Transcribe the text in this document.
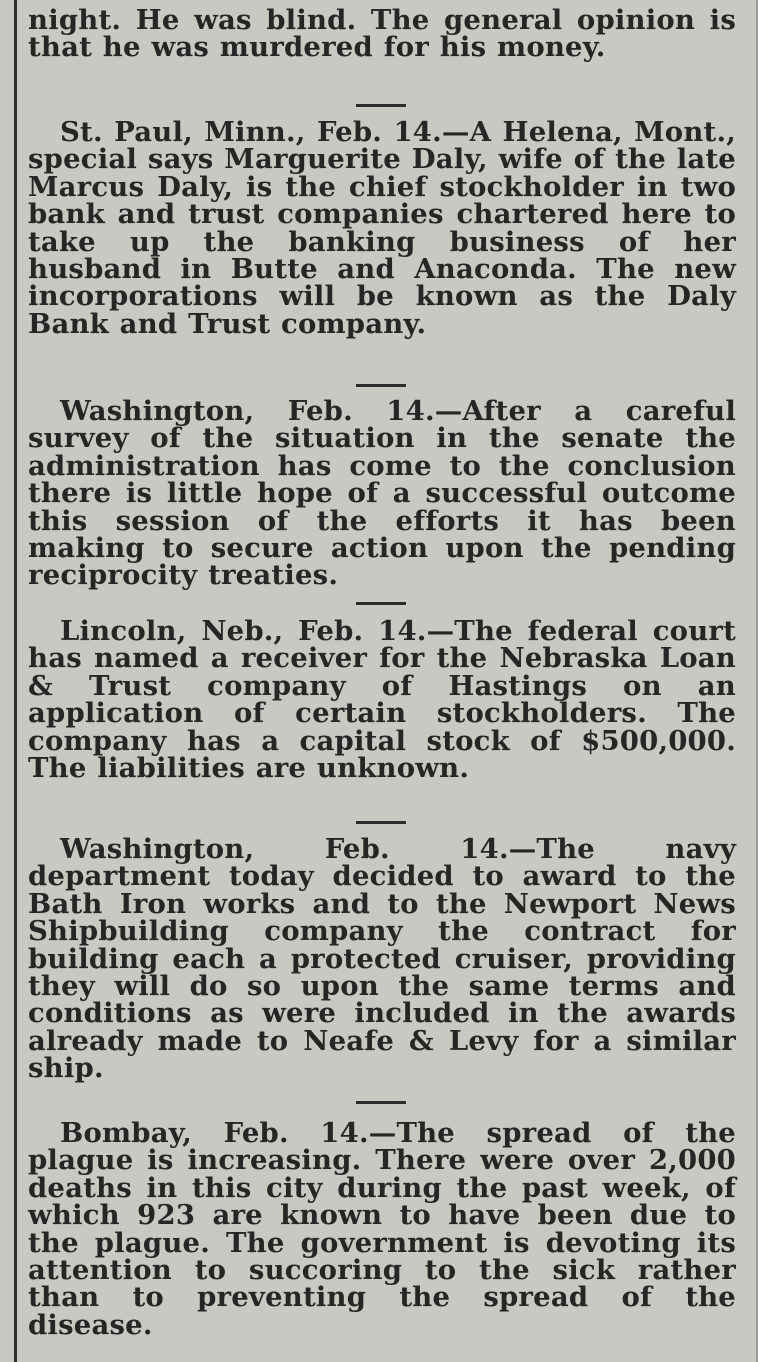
night. He was blind. The general opinion is that he was murdered for his money.

St. Paul, Minn., Feb. 14.—A Helena, Mont., special says Marguerite Daly, wife of the late Marcus Daly, is the chief stockholder in two bank and trust companies chartered here to take up the banking business of her husband in Butte and Anaconda. The new incorporations will be known as the Daly Bank and Trust company.

Washington, Feb. 14.—After a careful survey of the situation in the senate the administration has come to the conclusion there is little hope of a successful outcome this session of the efforts it has been making to secure action upon the pending reciprocity treaties.

Lincoln, Neb., Feb. 14.—The federal court has named a receiver for the Nebraska Loan & Trust company of Hastings on an application of certain stockholders. The company has a capital stock of $500,000. The liabilities are unknown.

Washington, Feb. 14.—The navy department today decided to award to the Bath Iron works and to the Newport News Shipbuilding company the contract for building each a protected cruiser, providing they will do so upon the same terms and conditions as were included in the awards already made to Neafe & Levy for a similar ship.

Bombay, Feb. 14.—The spread of the plague is increasing. There were over 2,000 deaths in this city during the past week, of which 923 are known to have been due to the plague. The government is devoting its attention to succoring to the sick rather than to preventing the spread of the disease.
